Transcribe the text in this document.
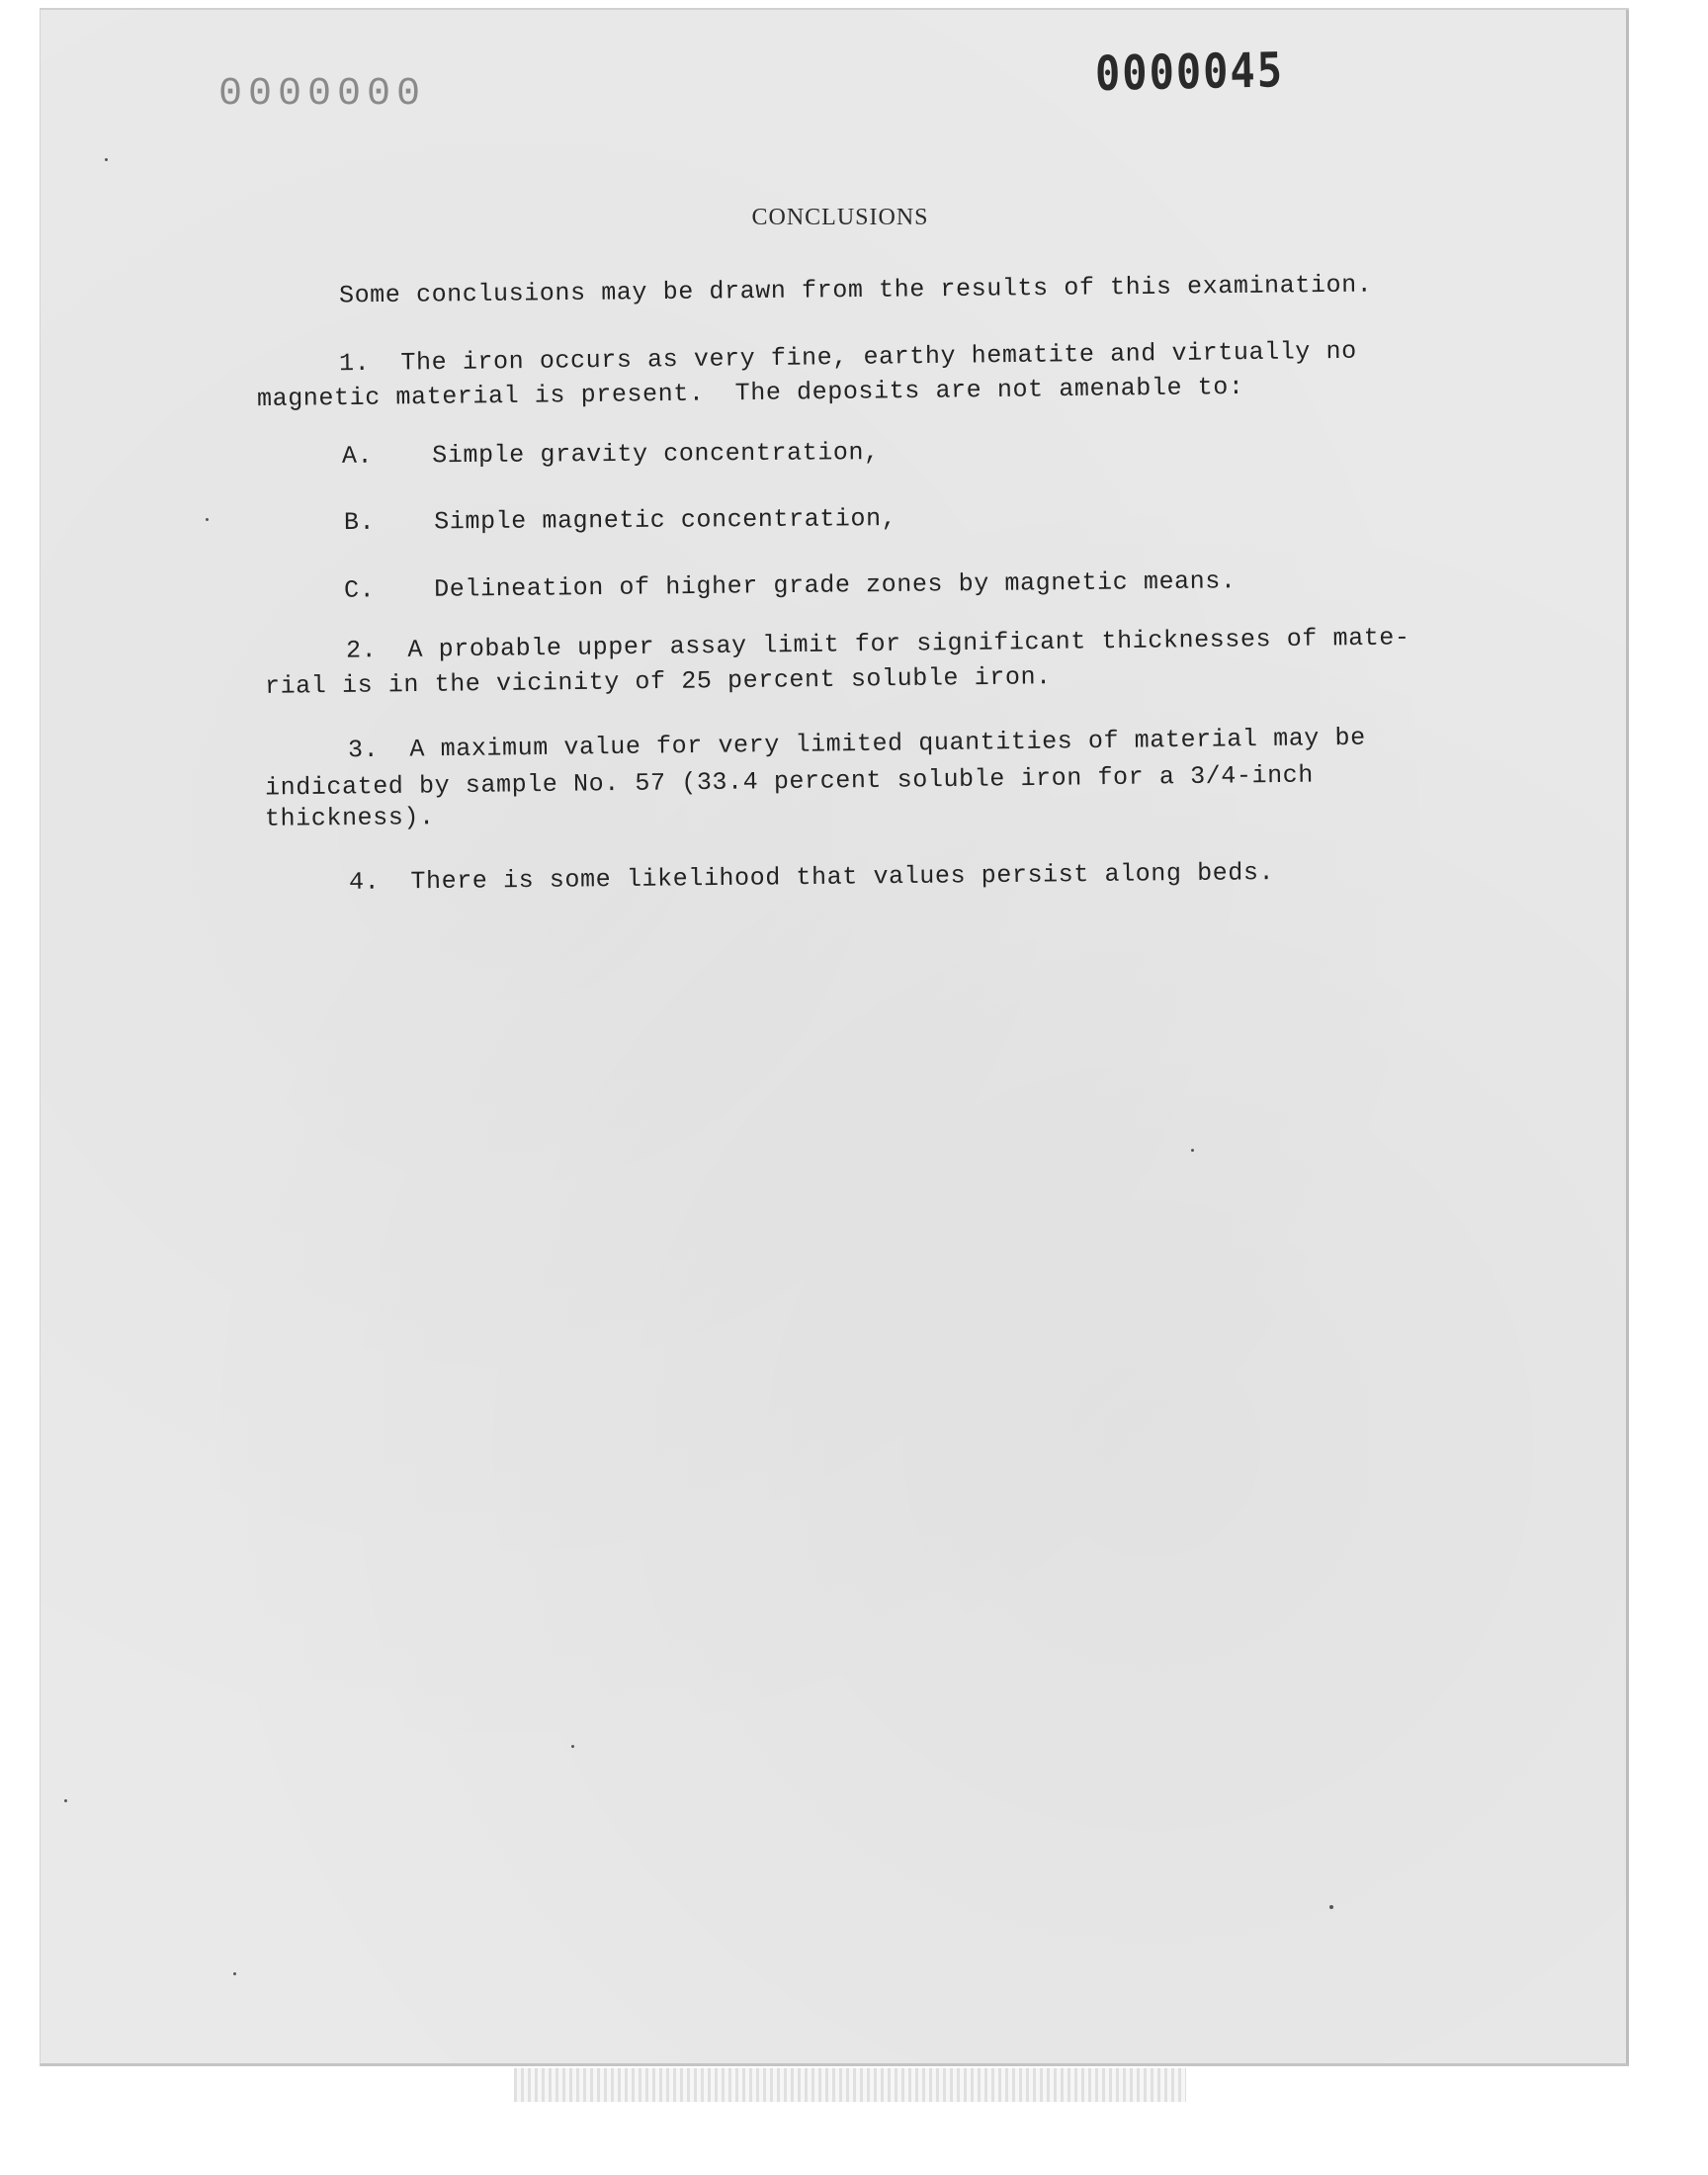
0000000	0000045
CONCLUSIONS
Some conclusions may be drawn from the results of this examination.
1. The iron occurs as very fine, earthy hematite and virtually no
magnetic material is present.  The deposits are not amenable to:
A. Simple gravity concentration,
B. Simple magnetic concentration,
C. Delineation of higher grade zones by magnetic means.
2. A probable upper assay limit for significant thicknesses of mate-
rial is in the vicinity of 25 percent soluble iron.
3. A maximum value for very limited quantities of material may be
indicated by sample No. 57 (33.4 percent soluble iron for a 3/4-inch
thickness).
4. There is some likelihood that values persist along beds.
